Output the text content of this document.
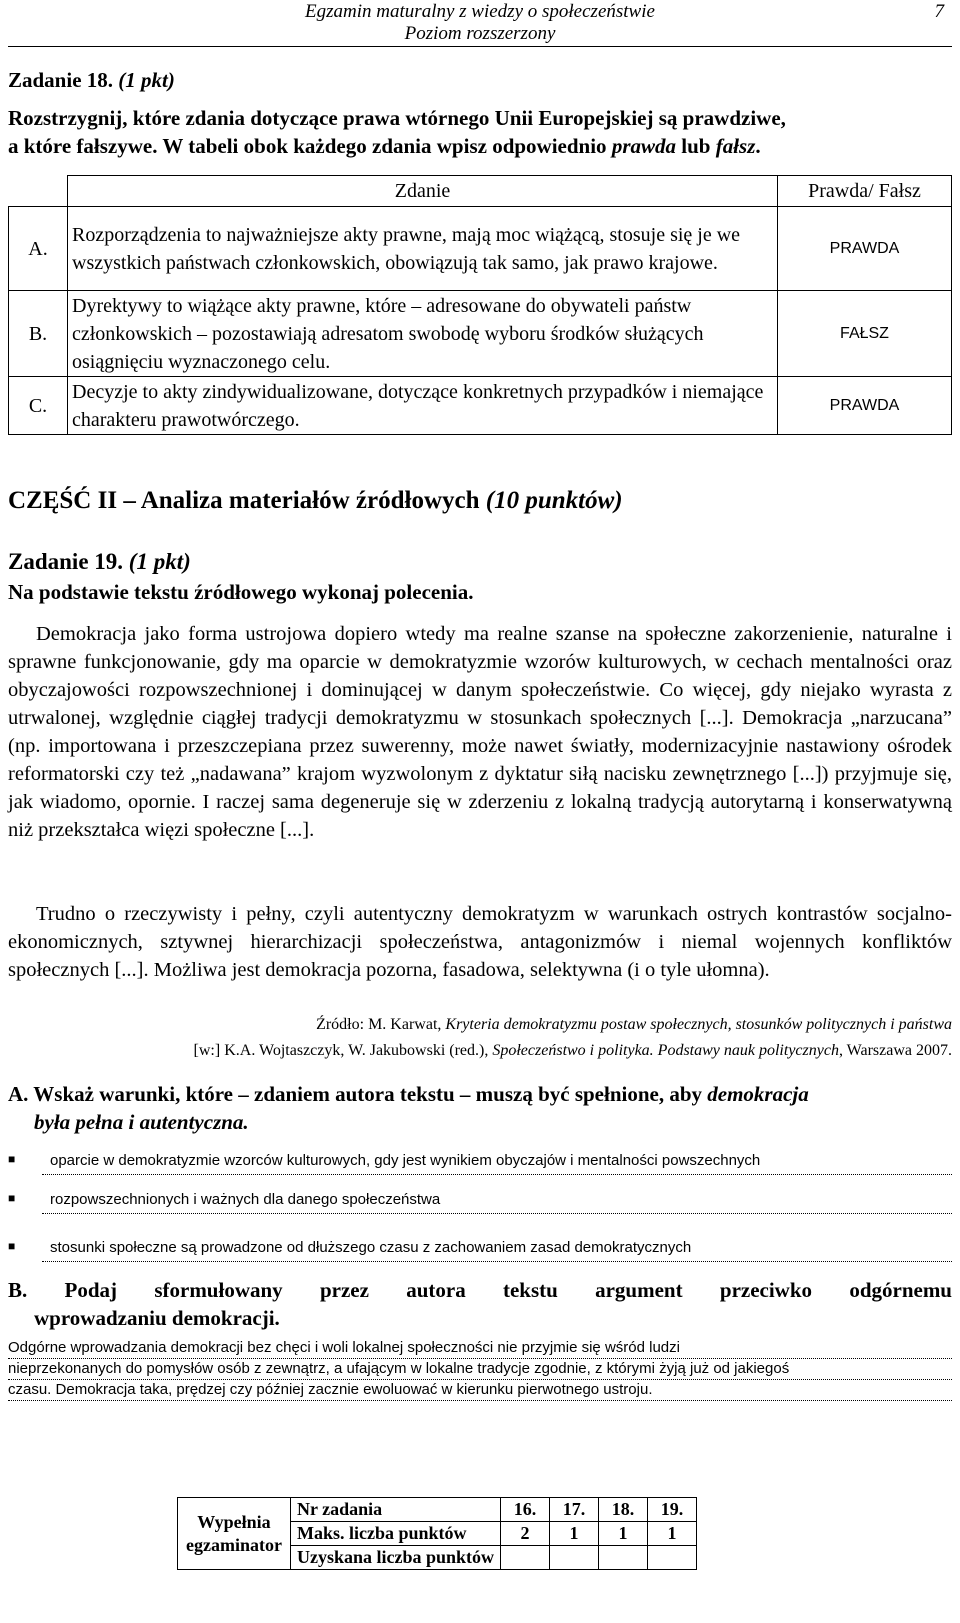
Egzamin maturalny z wiedzy o społeczeństwie
Poziom rozszerzony
7
Zadanie 18. (1 pkt)
Rozstrzygnij, które zdania dotyczące prawa wtórnego Unii Europejskiej są prawdziwe,
a które fałszywe. W tabeli obok każdego zdania wpisz odpowiednio prawda lub fałsz.
	Zdanie	Prawda/ Fałsz
A.	Rozporządzenia to najważniejsze akty prawne, mają moc wiążącą, stosuje się je we wszystkich państwach członkowskich, obowiązują tak samo, jak prawo krajowe.	PRAWDA
B.	Dyrektywy to wiążące akty prawne, które – adresowane do obywateli państw członkowskich – pozostawiają adresatom swobodę wyboru środków służących osiągnięciu wyznaczonego celu.	FAŁSZ
C.	Decyzje to akty zindywidualizowane, dotyczące konkretnych przypadków i niemające charakteru prawotwórczego.	PRAWDA
CZĘŚĆ II – Analiza materiałów źródłowych (10 punktów)
Zadanie 19. (1 pkt)
Na podstawie tekstu źródłowego wykonaj polecenia.
Demokracja jako forma ustrojowa dopiero wtedy ma realne szanse na społeczne zakorzenienie, naturalne i sprawne funkcjonowanie, gdy ma oparcie w demokratyzmie wzorów kulturowych, w cechach mentalności oraz obyczajowości rozpowszechnionej i dominującej w danym społeczeństwie. Co więcej, gdy niejako wyrasta z utrwalonej, względnie ciągłej tradycji demokratyzmu w stosunkach społecznych [...]. Demokracja „narzucana” (np. importowana i przeszczepiana przez suwerenny, może nawet światły, modernizacyjnie nastawiony ośrodek reformatorski czy też „nadawana” krajom wyzwolonym z dyktatur siłą nacisku zewnętrznego [...]) przyjmuje się, jak wiadomo, opornie. I raczej sama degeneruje się w zderzeniu z lokalną tradycją autorytarną i konserwatywną niż przekształca więzi społeczne [...].
Trudno o rzeczywisty i pełny, czyli autentyczny demokratyzm w warunkach ostrych kontrastów socjalno-ekonomicznych, sztywnej hierarchizacji społeczeństwa, antagonizmów i niemal wojennych konfliktów społecznych [...]. Możliwa jest demokracja pozorna, fasadowa, selektywna (i o tyle ułomna).
Źródło: M. Karwat, Kryteria demokratyzmu postaw społecznych, stosunków politycznych i państwa
[w:] K.A. Wojtaszczyk, W. Jakubowski (red.), Społeczeństwo i polityka. Podstawy nauk politycznych, Warszawa 2007.
A. Wskaż warunki, które – zdaniem autora tekstu – muszą być spełnione, aby demokracja
była pełna i autentyczna.
■ oparcie w demokratyzmie wzorców kulturowych, gdy jest wynikiem obyczajów i mentalności powszechnych
■ rozpowszechnionych i ważnych dla danego społeczeństwa
■ stosunki społeczne są prowadzone od dłuższego czasu z zachowaniem zasad demokratycznych
B. Podaj sformułowany przez autora tekstu argument przeciwko odgórnemu
wprowadzaniu demokracji.
Odgórne wprowadzania demokracji bez chęci i woli lokalnej społeczności nie przyjmie się wśród ludzi
nieprzekonanych do pomysłów osób z zewnątrz, a ufającym w lokalne tradycje zgodnie, z którymi żyją już od jakiegoś
czasu. Demokracja taka, prędzej czy później zacznie ewoluować w kierunku pierwotnego ustroju.
Wypełnia
egzaminator	Nr zadania	16.	17.	18.	19.
	Maks. liczba punktów	2	1	1	1
	Uzyskana liczba punktów				
